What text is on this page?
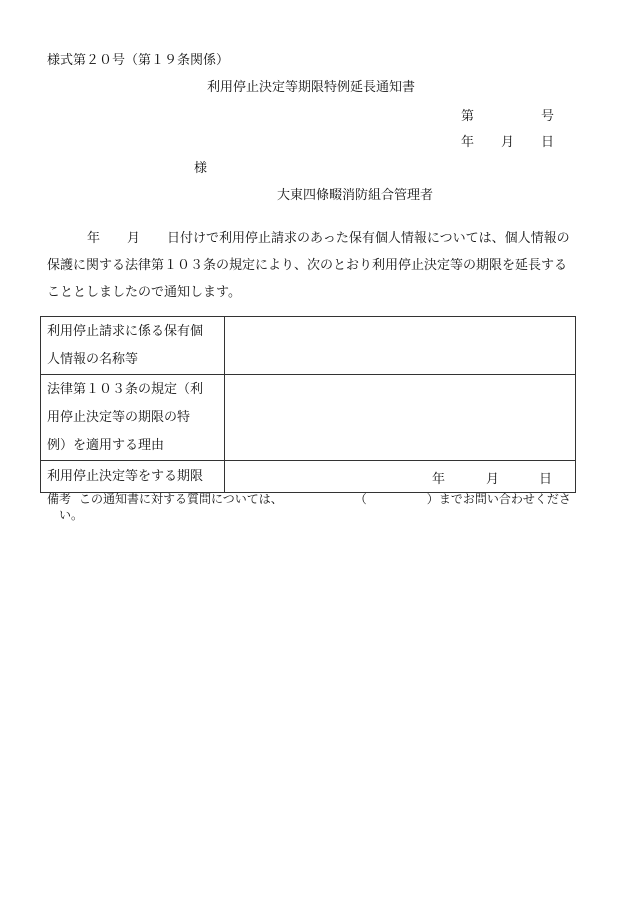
様式第２０号（第１９条関係）
利用停止決定等期限特例延長通知書
第	号
年 月 日
様
大東四條畷消防組合管理者
年 月 日付けで利用停止請求のあった保有個人情報については、個人情報の
保護に関する法律第１０３条の規定により、次のとおり利用停止決定等の期限を延長する
こととしましたので通知します。
利用停止請求に係る保有個
人情報の名称等	

法律第１０３条の規定（利
用停止決定等の期限の特
例）を適用する理由	

利用停止決定等をする期限	年 月 日
備考 この通知書に対する質問については、	（	）までお問い合わせくださ
い。
